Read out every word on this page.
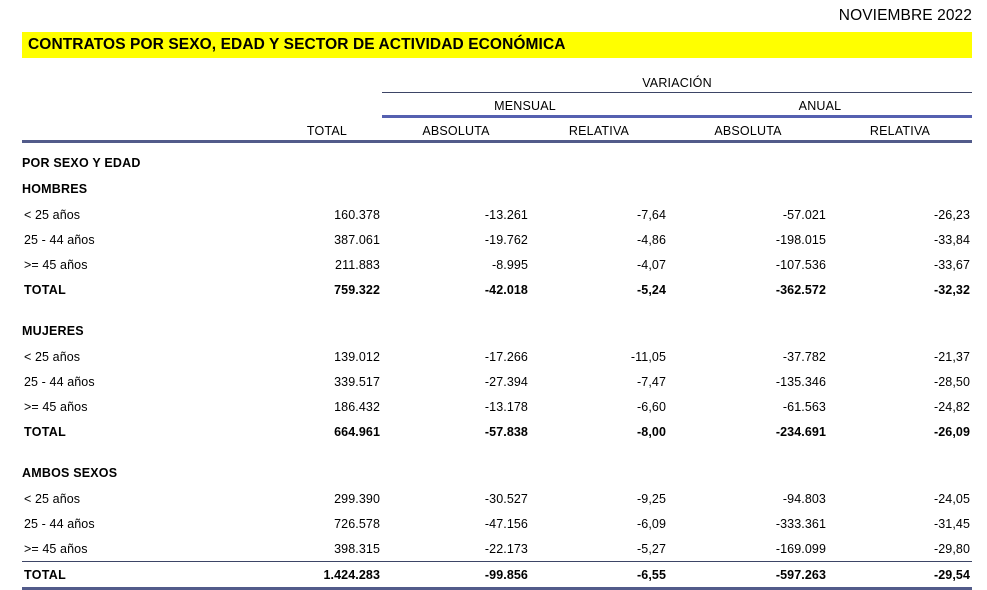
NOVIEMBRE 2022
CONTRATOS POR SEXO, EDAD Y SECTOR DE ACTIVIDAD ECONÓMICA
		VARIACIÓN			
		MENSUAL		ANUAL	
	TOTAL	ABSOLUTA	RELATIVA	ABSOLUTA	RELATIVA

POR SEXO Y EDAD					
HOMBRES					
< 25 años	160.378	-13.261	-7,64	-57.021	-26,23
25 - 44 años	387.061	-19.762	-4,86	-198.015	-33,84
>= 45 años	211.883	-8.995	-4,07	-107.536	-33,67
TOTAL	759.322	-42.018	-5,24	-362.572	-32,32

MUJERES					
< 25 años	139.012	-17.266	-11,05	-37.782	-21,37
25 - 44 años	339.517	-27.394	-7,47	-135.346	-28,50
>= 45 años	186.432	-13.178	-6,60	-61.563	-24,82
TOTAL	664.961	-57.838	-8,00	-234.691	-26,09

AMBOS SEXOS					
< 25 años	299.390	-30.527	-9,25	-94.803	-24,05
25 - 44 años	726.578	-47.156	-6,09	-333.361	-31,45
>= 45 años	398.315	-22.173	-5,27	-169.099	-29,80

TOTAL	1.424.283	-99.856	-6,55	-597.263	-29,54
